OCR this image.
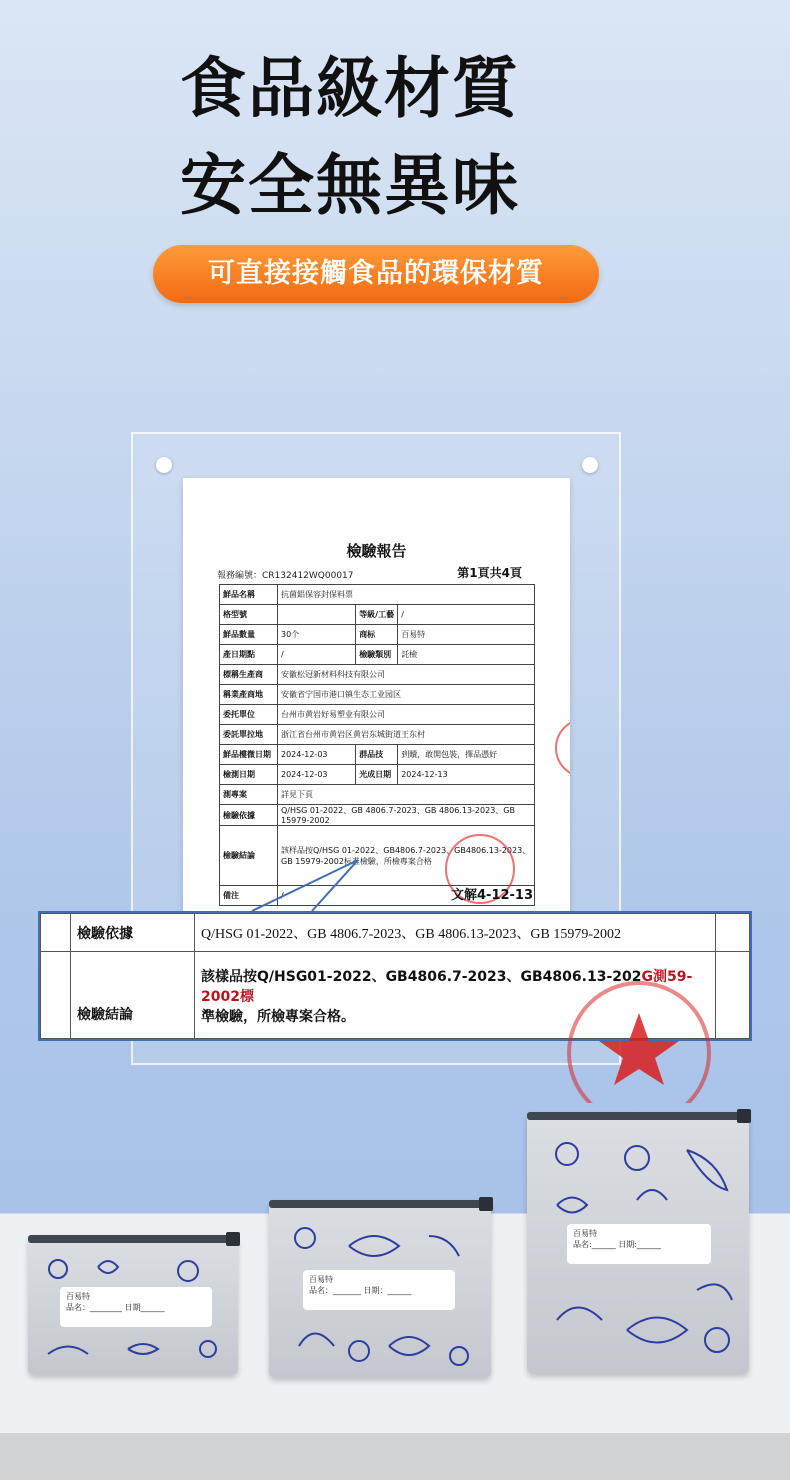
食品級材質
安全無異味
可直接接觸食品的環保材質
檢驗報告
報務編號：CR132412WQ00017	第1頁共4頁
鮮品名稱	抗菌鋁保容封保料票		
格型號		等級/工藝	/
鮮品數量	30个	商标	百易特
產日期點	/	檢驗類別	託檢
標稱生產商	安徽松冠新材料科技有限公司		
稱業產商地	安徽省宁国市港口镇生态工业园区		
委托單位	台州市黄岩好易塑业有限公司		
委託單拉地	浙江省台州市黄岩区黄岩东城街道王东村		
鮮品樓微日期	2024-12-03	群品技	到贖，敢開包裝，擇品憑好
檢測日期	2024-12-03	光成日期	2024-12-13
測專案	詳見下頁		
檢驗依據	Q/HSG 01-2022、GB 4806.7-2023、GB 4806.13-2023、GB 15979-2002		
檢驗結論	該样品按Q/HSG 01-2022、GB4806.7-2023、GB4806.13-2023、GB 15979-2002标准檢驗，所檢專案合格		
備注	/			文解4-12-13
	檢驗依據	Q/HSG 01-2022、GB 4806.7-2023、GB 4806.13-2023、GB 15979-2002	
	檢驗結論	該樣品按Q/HSG01-2022、GB4806.7-2023、GB4806.13-202G測59-2002標
準檢驗，所檢專案合格。	
百易特
品名：________ 日期______
百易特
品名：_______ 日期：______
百易特
品名:______ 日期:______
